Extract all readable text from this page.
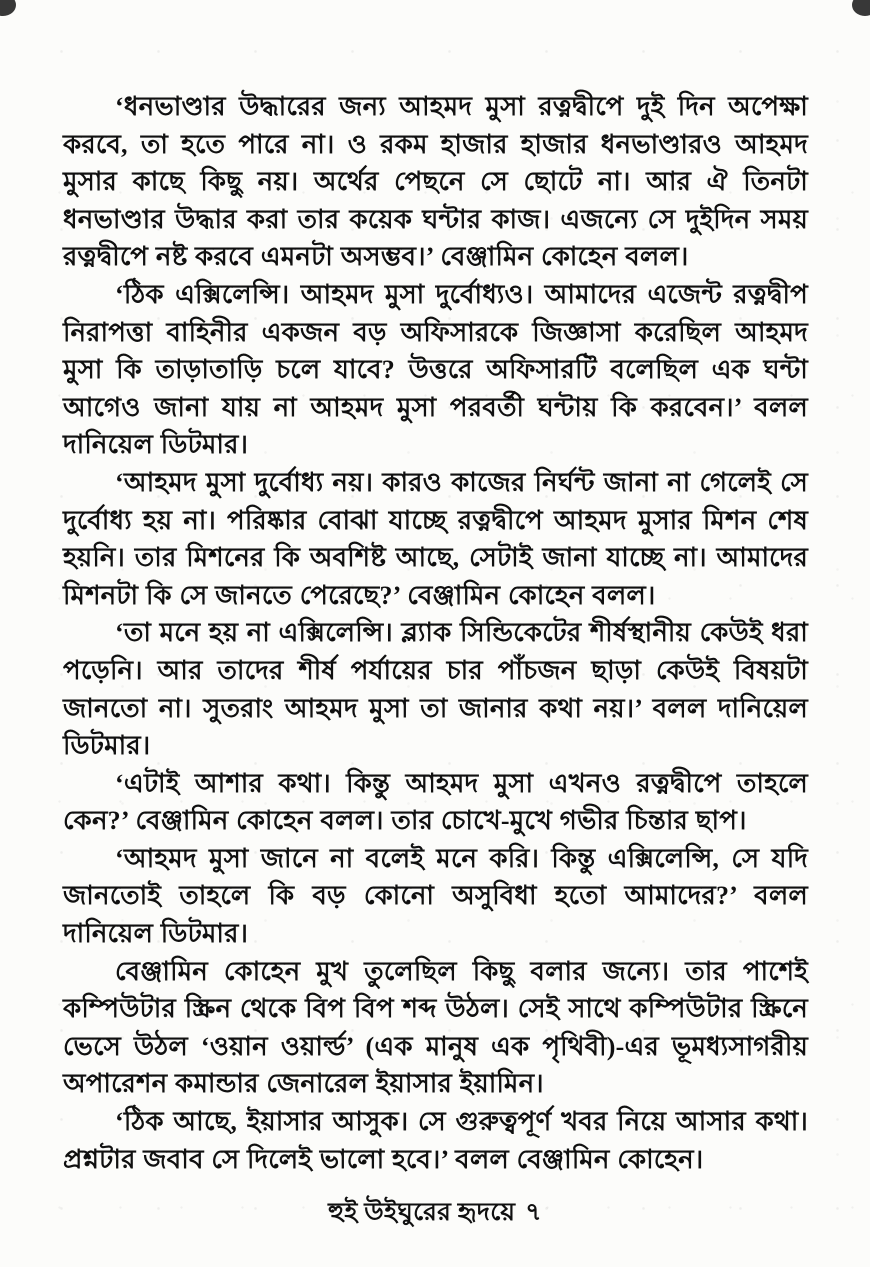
‘ধনভাণ্ডার উদ্ধারের জন্য আহমদ মুসা রত্নদ্বীপে দুই দিন অপেক্ষা করবে, তা হতে পারে না। ও রকম হাজার হাজার ধনভাণ্ডারও আহমদ মুসার কাছে কিছু নয়। অর্থের পেছনে সে ছোটে না। আর ঐ তিনটা ধনভাণ্ডার উদ্ধার করা তার কয়েক ঘন্টার কাজ। এজন্যে সে দুইদিন সময় রত্নদ্বীপে নষ্ট করবে এমনটা অসম্ভব।’ বেঞ্জামিন কোহেন বলল।

‘ঠিক এক্সিলেন্সি। আহমদ মুসা দুর্বোধ্যও। আমাদের এজেন্ট রত্নদ্বীপ নিরাপত্তা বাহিনীর একজন বড় অফিসারকে জিজ্ঞাসা করেছিল আহমদ মুসা কি তাড়াতাড়ি চলে যাবে? উত্তরে অফিসারটি বলেছিল এক ঘন্টা আগেও জানা যায় না আহমদ মুসা পরবর্তী ঘন্টায় কি করবেন।’ বলল দানিয়েল ডিটমার।

‘আহমদ মুসা দুর্বোধ্য নয়। কারও কাজের নির্ঘন্ট জানা না গেলেই সে দুর্বোধ্য হয় না। পরিষ্কার বোঝা যাচ্ছে রত্নদ্বীপে আহমদ মুসার মিশন শেষ হয়নি। তার মিশনের কি অবশিষ্ট আছে, সেটাই জানা যাচ্ছে না। আমাদের মিশনটা কি সে জানতে পেরেছে?’ বেঞ্জামিন কোহেন বলল।

‘তা মনে হয় না এক্সিলেন্সি। ব্ল্যাক সিন্ডিকেটের শীর্ষস্থানীয় কেউই ধরা পড়েনি। আর তাদের শীর্ষ পর্যায়ের চার পাঁচজন ছাড়া কেউই বিষয়টা জানতো না। সুতরাং আহমদ মুসা তা জানার কথা নয়।’ বলল দানিয়েল ডিটমার।

‘এটাই আশার কথা। কিন্তু আহমদ মুসা এখনও রত্নদ্বীপে তাহলে কেন?’ বেঞ্জামিন কোহেন বলল। তার চোখে-মুখে গভীর চিন্তার ছাপ।

‘আহমদ মুসা জানে না বলেই মনে করি। কিন্তু এক্সিলেন্সি, সে যদি জানতোই তাহলে কি বড় কোনো অসুবিধা হতো আমাদের?’ বলল দানিয়েল ডিটমার।

বেঞ্জামিন কোহেন মুখ তুলেছিল কিছু বলার জন্যে। তার পাশেই কম্পিউটার স্ক্রিন থেকে বিপ বিপ শব্দ উঠল। সেই সাথে কম্পিউটার স্ক্রিনে ভেসে উঠল ‘ওয়ান ওয়ার্ল্ড’ (এক মানুষ এক পৃথিবী)-এর ভূমধ্যসাগরীয় অপারেশন কমান্ডার জেনারেল ইয়াসার ইয়ামিন।

‘ঠিক আছে, ইয়াসার আসুক। সে গুরুত্বপূর্ণ খবর নিয়ে আসার কথা। প্রশ্নটার জবাব সে দিলেই ভালো হবে।’ বলল বেঞ্জামিন কোহেন।

হুই উইঘুরের হৃদয়ে ৭
